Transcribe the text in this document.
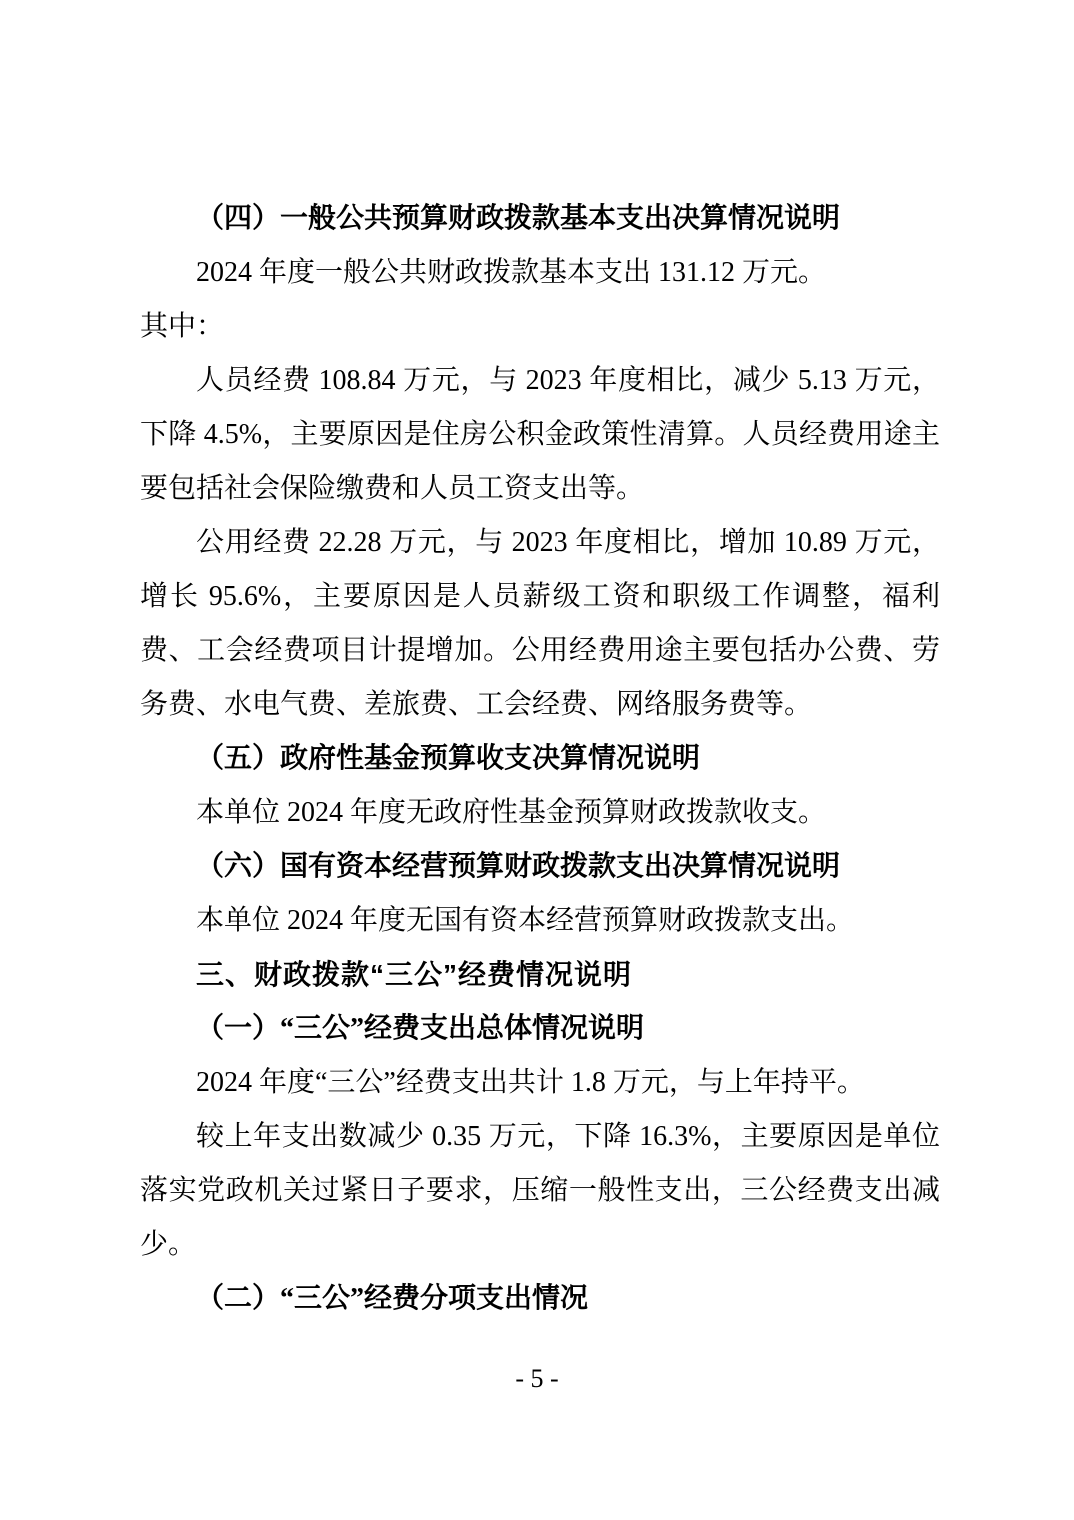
（四）一般公共预算财政拨款基本支出决算情况说明

2024 年度一般公共财政拨款基本支出 131.12 万元。

其中：

人员经费 108.84 万元，与 2023 年度相比，减少 5.13 万元，下降 4.5%，主要原因是住房公积金政策性清算。人员经费用途主要包括社会保险缴费和人员工资支出等。

公用经费 22.28 万元，与 2023 年度相比，增加 10.89 万元，增长 95.6%，主要原因是人员薪级工资和职级工作调整，福利费、工会经费项目计提增加。公用经费用途主要包括办公费、劳务费、水电气费、差旅费、工会经费、网络服务费等。

（五）政府性基金预算收支决算情况说明

本单位 2024 年度无政府性基金预算财政拨款收支。

（六）国有资本经营预算财政拨款支出决算情况说明

本单位 2024 年度无国有资本经营预算财政拨款支出。

三、财政拨款“三公”经费情况说明
（一）“三公”经费支出总体情况说明

2024 年度“三公”经费支出共计 1.8 万元，与上年持平。

较上年支出数减少 0.35 万元，下降 16.3%，主要原因是单位落实党政机关过紧日子要求，压缩一般性支出，三公经费支出减少。

（二）“三公”经费分项支出情况
- 5 -
